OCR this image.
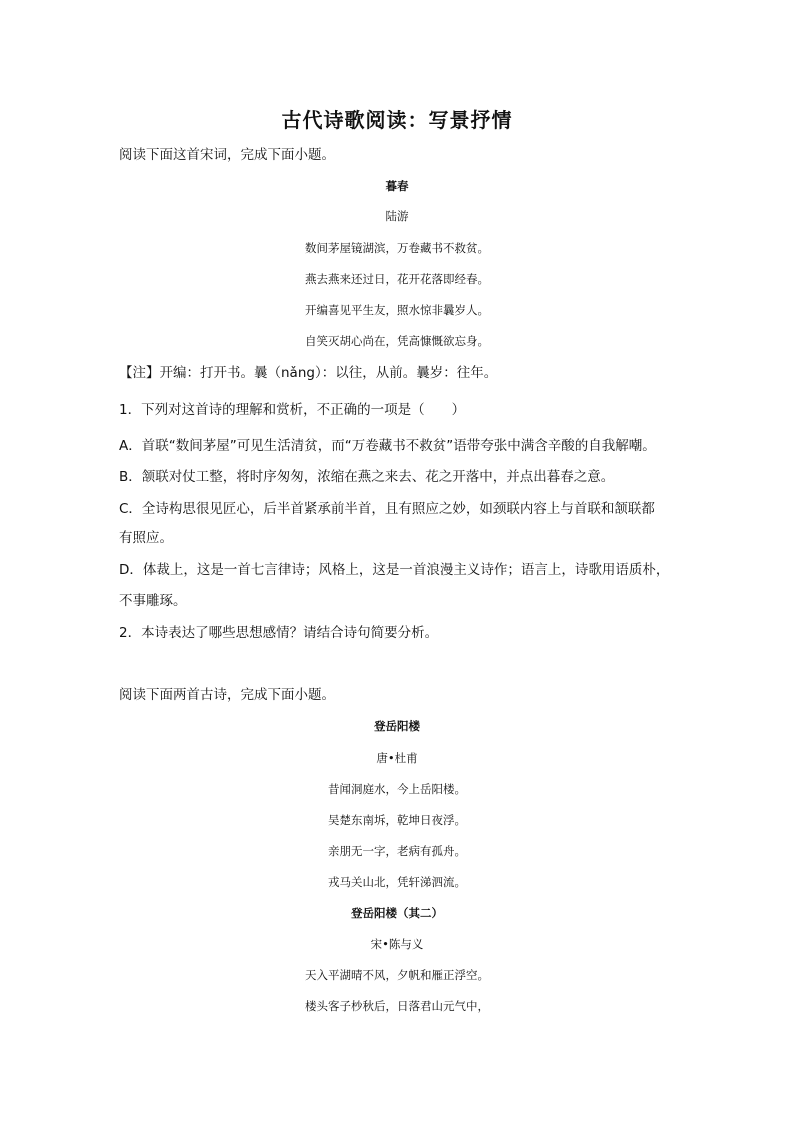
古代诗歌阅读：写景抒情
阅读下面这首宋词，完成下面小题。
暮春
陆游
数间茅屋镜湖滨，万卷藏书不救贫。
燕去燕来还过日，花开花落即经春。
开编喜见平生友，照水惊非曩岁人。
自笑灭胡心尚在，凭高慷慨欲忘身。
【注】开编：打开书。曩（nǎng）：以往，从前。曩岁：往年。
1．下列对这首诗的理解和赏析，不正确的一项是（　　）
A．首联“数间茅屋”可见生活清贫，而“万卷藏书不救贫”语带夸张中满含辛酸的自我解嘲。
B．颔联对仗工整，将时序匆匆，浓缩在燕之来去、花之开落中，并点出暮春之意。
C．全诗构思很见匠心，后半首紧承前半首，且有照应之妙，如颈联内容上与首联和颔联都
有照应。
D．体裁上，这是一首七言律诗；风格上，这是一首浪漫主义诗作；语言上，诗歌用语质朴，
不事雕琢。
2．本诗表达了哪些思想感情？请结合诗句简要分析。
阅读下面两首古诗，完成下面小题。
登岳阳楼
唐•杜甫
昔闻洞庭水，今上岳阳楼。
吴楚东南坼，乾坤日夜浮。
亲朋无一字，老病有孤舟。
戎马关山北，凭轩涕泗流。
登岳阳楼（其二）
宋•陈与义
天入平湖晴不风，夕帆和雁正浮空。
楼头客子杪秋后，日落君山元气中，
